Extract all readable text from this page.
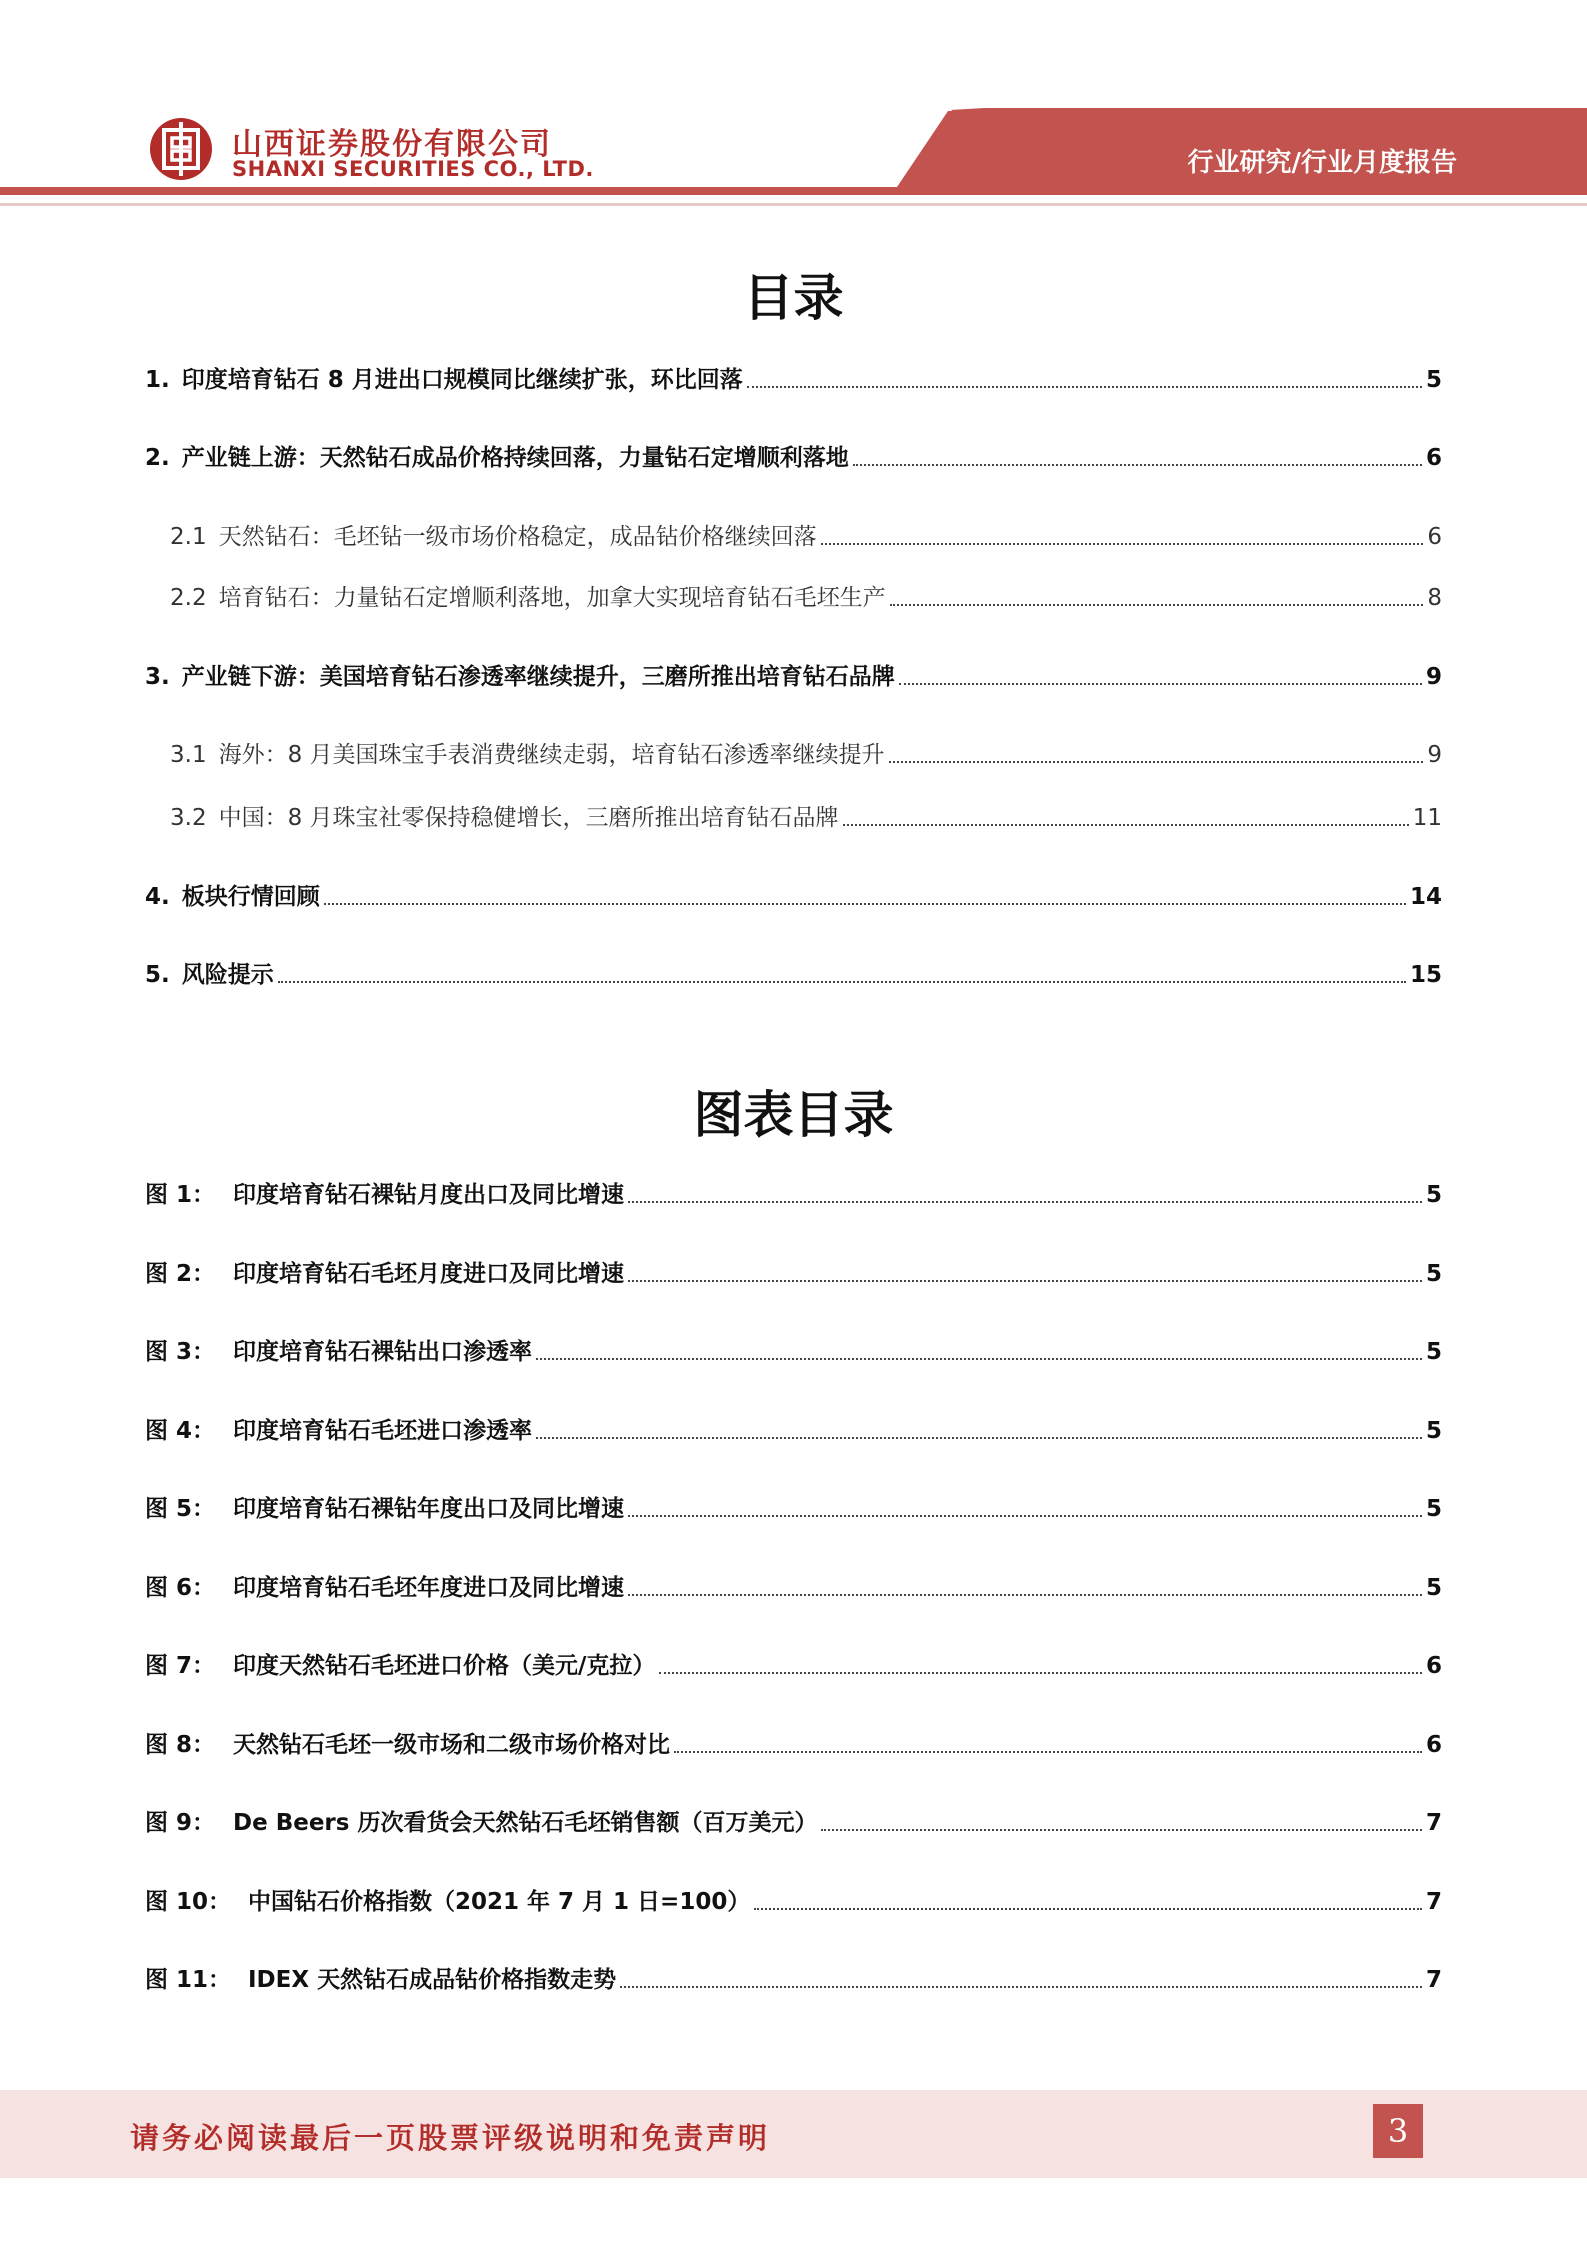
山西证券股份有限公司
SHANXI SECURITIES CO., LTD.	行业研究/行业月度报告
目录
1. 印度培育钻石 8 月进出口规模同比继续扩张，环比回落	5
2. 产业链上游：天然钻石成品价格持续回落，力量钻石定增顺利落地	6
2.1 天然钻石：毛坯钻一级市场价格稳定，成品钻价格继续回落	6
2.2 培育钻石：力量钻石定增顺利落地，加拿大实现培育钻石毛坯生产	8
3. 产业链下游：美国培育钻石渗透率继续提升，三磨所推出培育钻石品牌	9
3.1 海外：8 月美国珠宝手表消费继续走弱，培育钻石渗透率继续提升	9
3.2 中国：8 月珠宝社零保持稳健增长，三磨所推出培育钻石品牌	11
4. 板块行情回顾	14
5. 风险提示	15
图表目录
图 1： 印度培育钻石裸钻月度出口及同比增速	5
图 2： 印度培育钻石毛坯月度进口及同比增速	5
图 3： 印度培育钻石裸钻出口渗透率	5
图 4： 印度培育钻石毛坯进口渗透率	5
图 5： 印度培育钻石裸钻年度出口及同比增速	5
图 6： 印度培育钻石毛坯年度进口及同比增速	5
图 7： 印度天然钻石毛坯进口价格（美元/克拉）	6
图 8： 天然钻石毛坯一级市场和二级市场价格对比	6
图 9： De Beers 历次看货会天然钻石毛坯销售额（百万美元）	7
图 10： 中国钻石价格指数（2021 年 7 月 1 日=100）	7
图 11： IDEX 天然钻石成品钻价格指数走势	7
请务必阅读最后一页股票评级说明和免责声明	3
